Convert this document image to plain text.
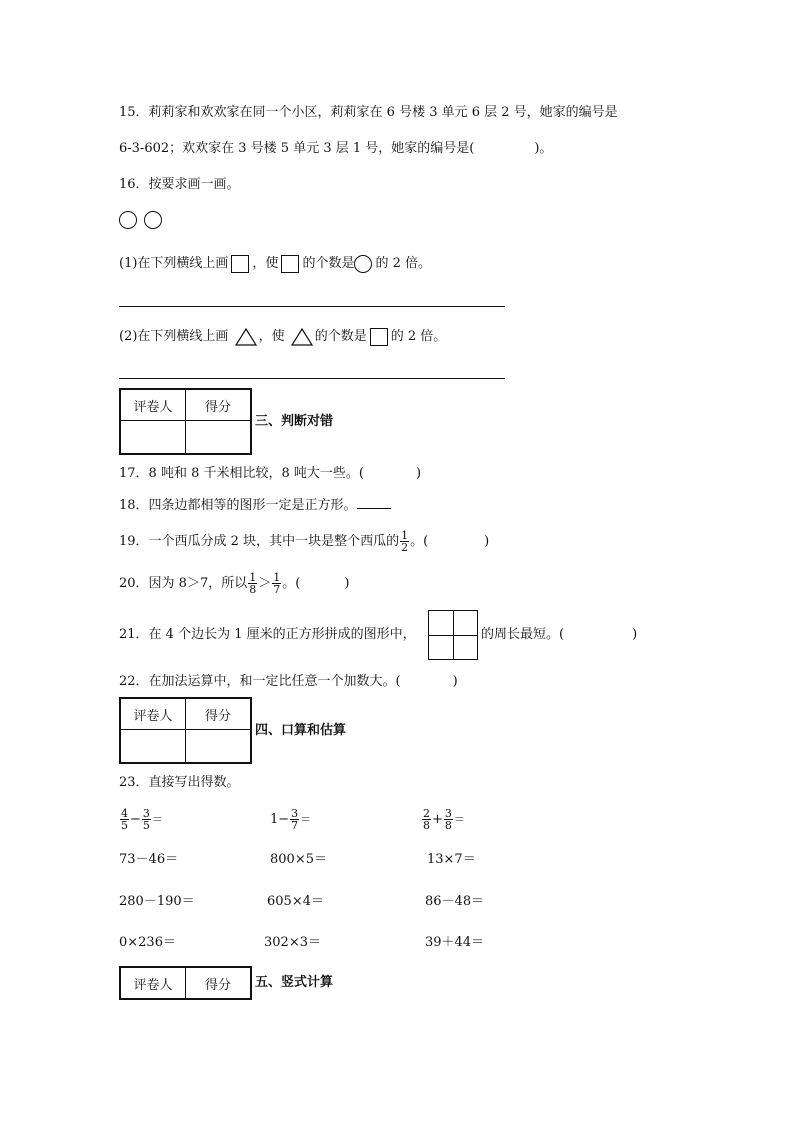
15．莉莉家和欢欢家在同一个小区，莉莉家在 6 号楼 3 单元 6 层 2 号，她家的编号是
6-3-602；欢欢家在 3 号楼 5 单元 3 层 1 号，她家的编号是(	)。
16．按要求画一画。

(1)在下列横线上画 ，使 的个数是 的 2 倍。
(2)在下列横线上画 ，使 的个数是 的 2 倍。
评卷人	得分

三、判断对错
17．8 吨和 8 千米相比较，8 吨大一些。(	)
18．四条边都相等的图形一定是正方形。
19．一个西瓜分成 2 块，其中一块是整个西瓜的 $\frac{1}{2}$ 。(	)
20．因为 8＞7，所以 $\frac{1}{8} > \frac{1}{7}$ 。(	)
21．在 4 个边长为 1 厘米的正方形拼成的图形中，	的周长最短。(	)
22．在加法运算中，和一定比任意一个加数大。(	)
评卷人	得分

四、口算和估算
23．直接写出得数。
$\frac{4}{5} - \frac{3}{5}$ ＝	$1- \frac{3}{7}$ ＝	$\frac{2}{8} + \frac{3}{8}$ ＝
73－46＝	800×5＝	13×7＝
280－190＝	605×4＝	86－48＝
0×236＝	302×3＝	39＋44＝
评卷人	得分 五、竖式计算
